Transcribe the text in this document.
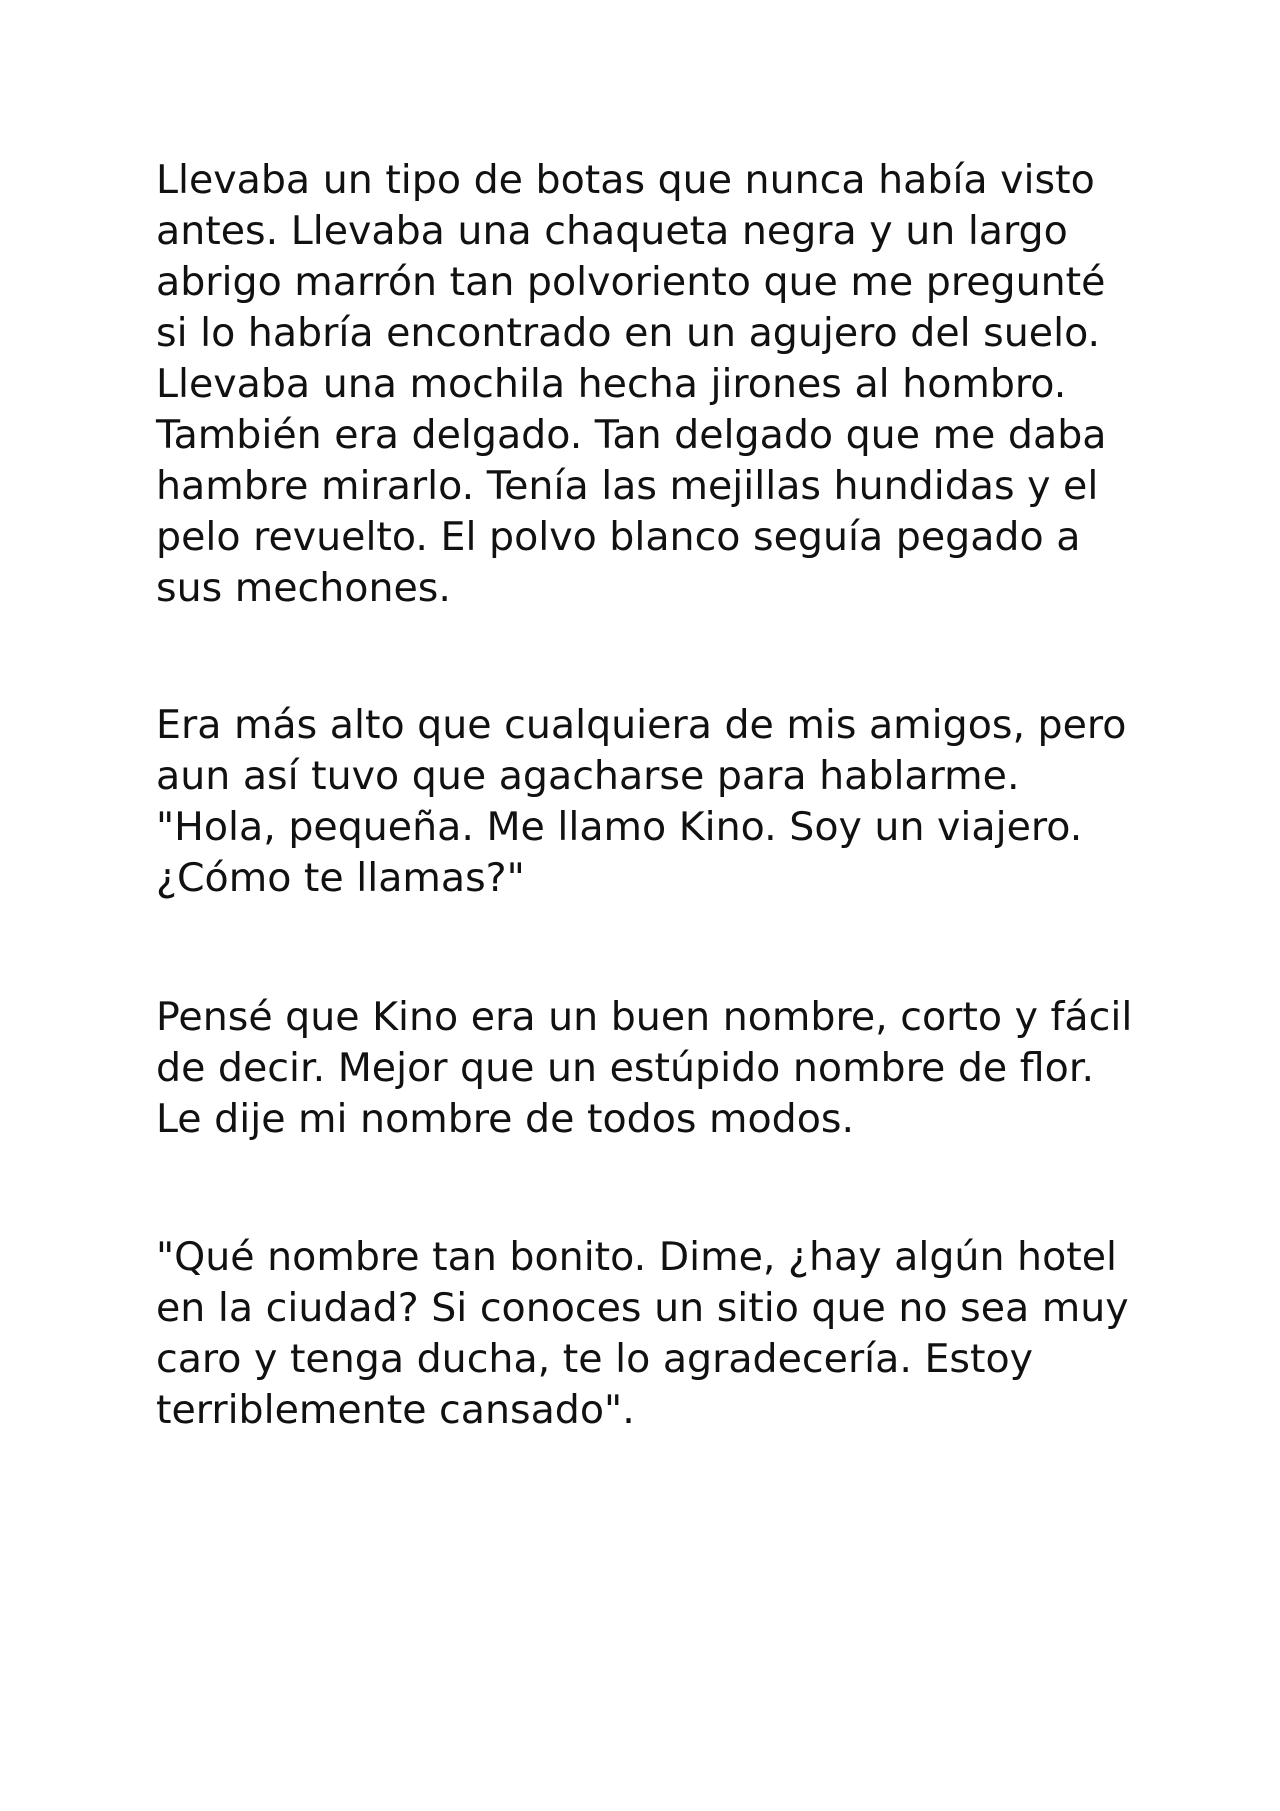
Llevaba un tipo de botas que nunca había visto
antes. Llevaba una chaqueta negra y un largo
abrigo marrón tan polvoriento que me pregunté
si lo habría encontrado en un agujero del suelo.
Llevaba una mochila hecha jirones al hombro.
También era delgado. Tan delgado que me daba
hambre mirarlo. Tenía las mejillas hundidas y el
pelo revuelto. El polvo blanco seguía pegado a
sus mechones.

Era más alto que cualquiera de mis amigos, pero
aun así tuvo que agacharse para hablarme.
"Hola, pequeña. Me llamo Kino. Soy un viajero.
¿Cómo te llamas?"

Pensé que Kino era un buen nombre, corto y fácil
de decir. Mejor que un estúpido nombre de flor.
Le dije mi nombre de todos modos.

"Qué nombre tan bonito. Dime, ¿hay algún hotel
en la ciudad? Si conoces un sitio que no sea muy
caro y tenga ducha, te lo agradecería. Estoy
terriblemente cansado".
